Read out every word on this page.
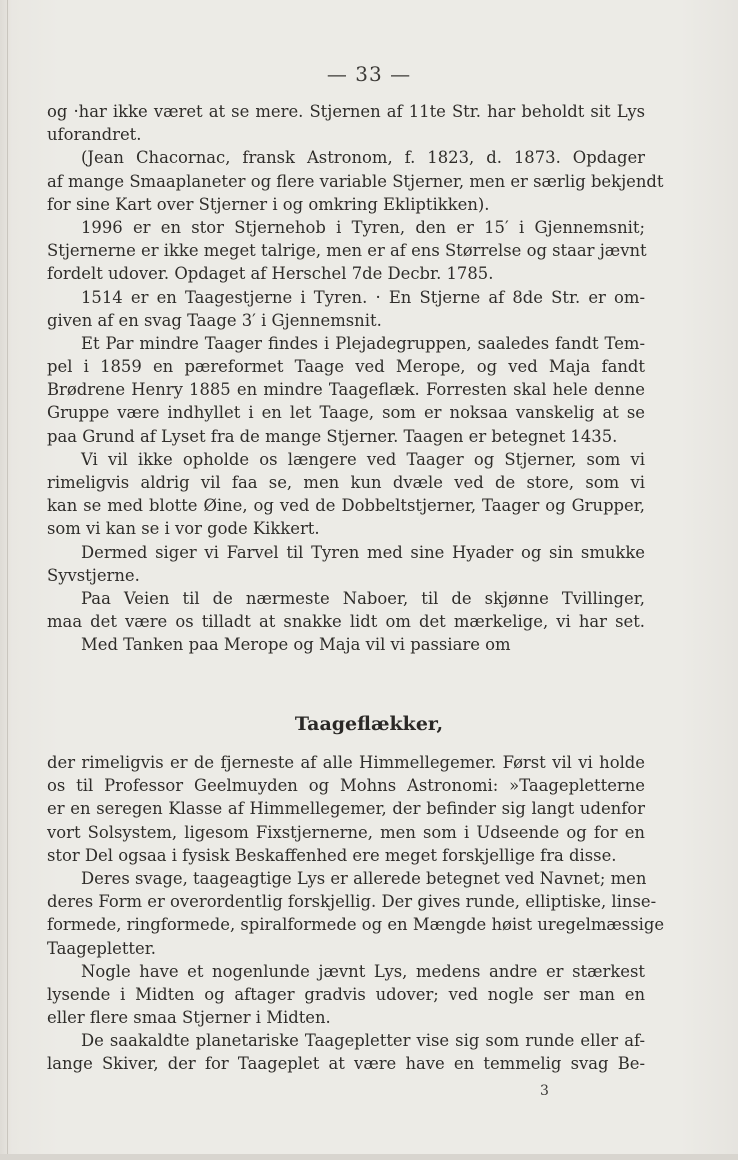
— 33 —
og ·har ikke været at se mere. Stjernen af 11te Str. har beholdt sit Lys
uforandret.
(Jean Chacornac, fransk Astronom, f. 1823, d. 1873. Opdager
af mange Smaaplaneter og flere variable Stjerner, men er særlig bekjendt
for sine Kart over Stjerner i og omkring Ekliptikken).
1996 er en stor Stjernehob i Tyren, den er 15′ i Gjennemsnit;
Stjernerne er ikke meget talrige, men er af ens Størrelse og staar jævnt
fordelt udover. Opdaget af Herschel 7de Decbr. 1785.
1514 er en Taagestjerne i Tyren. · En Stjerne af 8de Str. er om-
given af en svag Taage 3′ i Gjennemsnit.
Et Par mindre Taager findes i Plejadegruppen, saaledes fandt Tem-
pel i 1859 en pæreformet Taage ved Merope, og ved Maja fandt
Brødrene Henry 1885 en mindre Taageflæk. Forresten skal hele denne
Gruppe være indhyllet i en let Taage, som er noksaa vanskelig at se
paa Grund af Lyset fra de mange Stjerner. Taagen er betegnet 1435.
Vi vil ikke opholde os længere ved Taager og Stjerner, som vi
rimeligvis aldrig vil faa se, men kun dvæle ved de store, som vi
kan se med blotte Øine, og ved de Dobbeltstjerner, Taager og Grupper,
som vi kan se i vor gode Kikkert.
Dermed siger vi Farvel til Tyren med sine Hyader og sin smukke
Syvstjerne.
Paa Veien til de nærmeste Naboer, til de skjønne Tvillinger,
maa det være os tilladt at snakke lidt om det mærkelige, vi har set.
Med Tanken paa Merope og Maja vil vi passiare om
Taageflækker,
der rimeligvis er de fjerneste af alle Himmellegemer. Først vil vi holde
os til Professor Geelmuyden og Mohns Astronomi: »Taagepletterne
er en seregen Klasse af Himmellegemer, der befinder sig langt udenfor
vort Solsystem, ligesom Fixstjernerne, men som i Udseende og for en
stor Del ogsaa i fysisk Beskaffenhed ere meget forskjellige fra disse.
Deres svage, taageagtige Lys er allerede betegnet ved Navnet; men
deres Form er overordentlig forskjellig. Der gives runde, elliptiske, linse-
formede, ringformede, spiralformede og en Mængde høist uregelmæssige
Taagepletter.
Nogle have et nogenlunde jævnt Lys, medens andre er stærkest
lysende i Midten og aftager gradvis udover; ved nogle ser man en
eller flere smaa Stjerner i Midten.
De saakaldte planetariske Taagepletter vise sig som runde eller af-
lange Skiver, der for Taageplet at være have en temmelig svag Be-
3
